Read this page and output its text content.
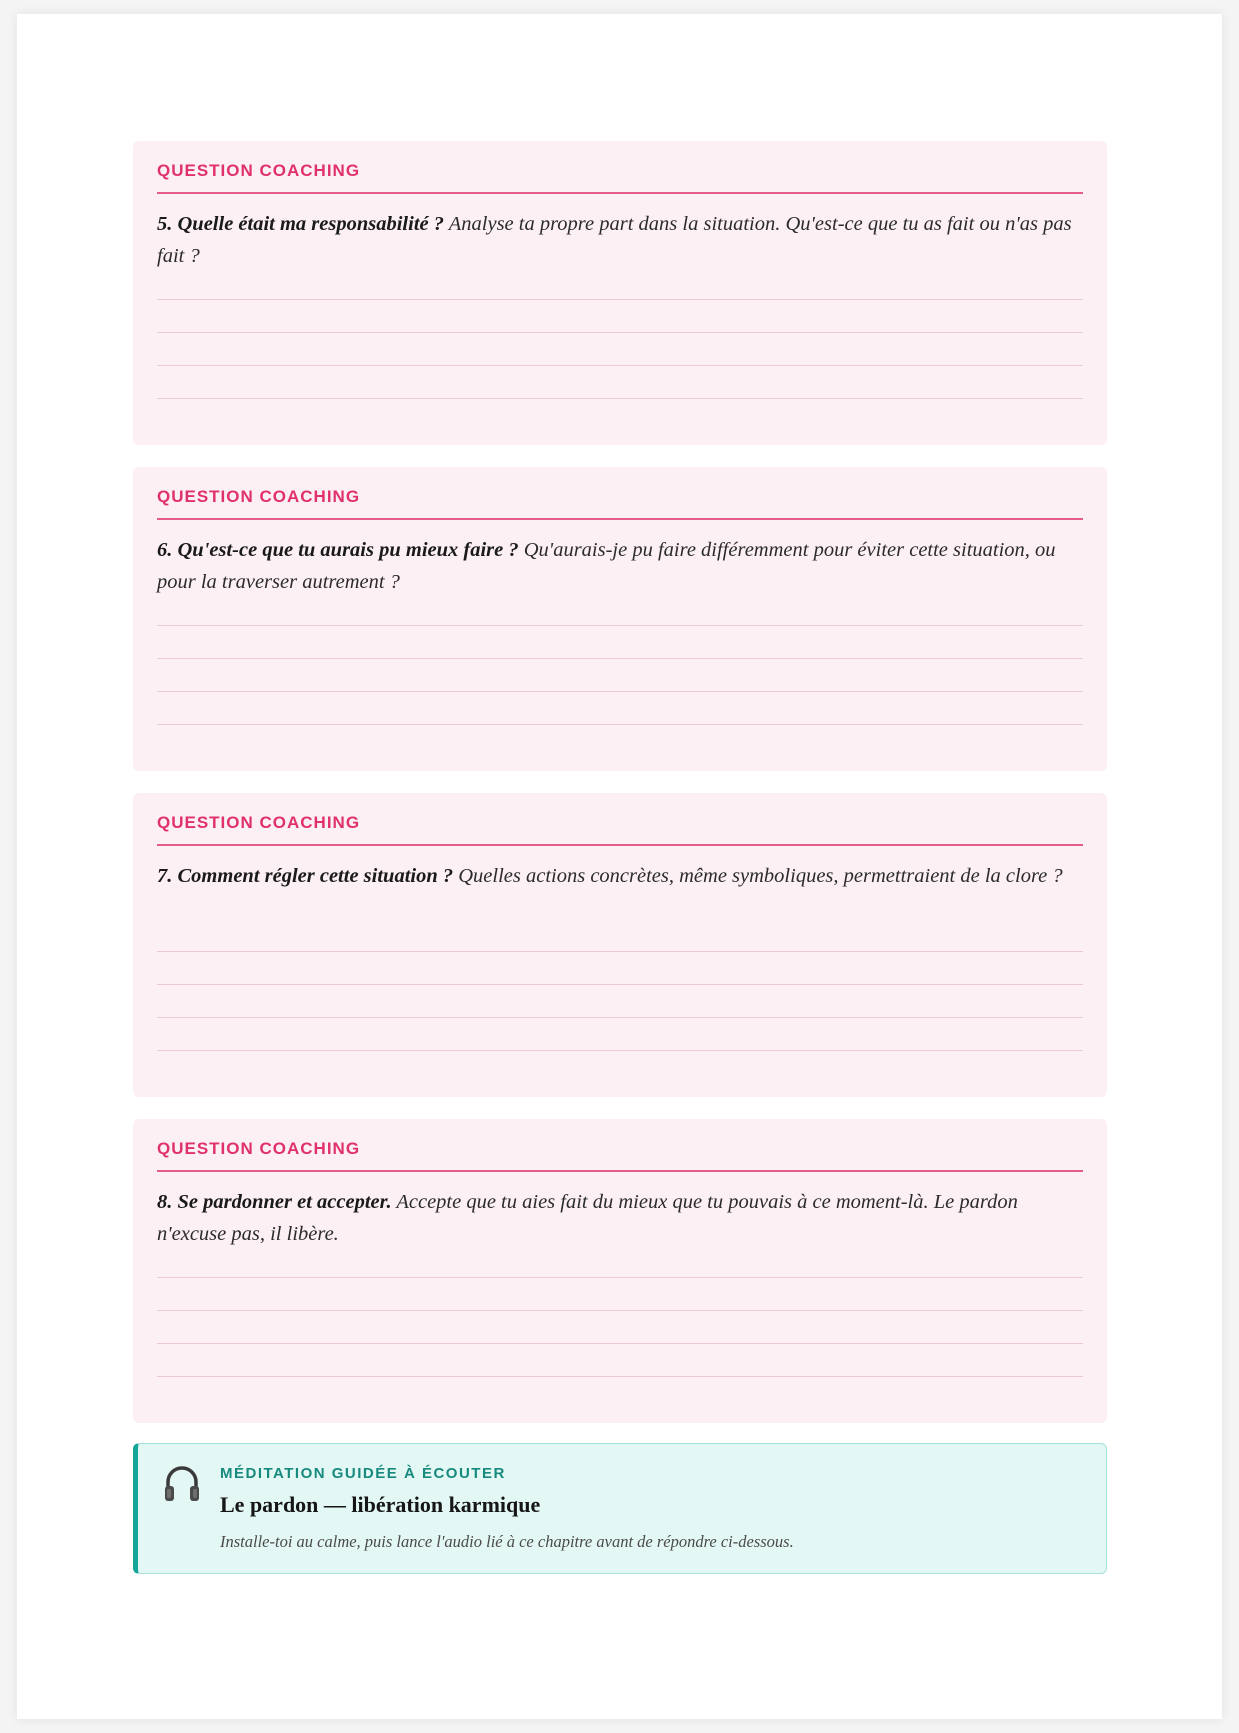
QUESTION COACHING
5. Quelle était ma responsabilité ? Analyse ta propre part dans la situation. Qu'est-ce que tu as fait ou n'as pas fait ?
QUESTION COACHING
6. Qu'est-ce que tu aurais pu mieux faire ? Qu'aurais-je pu faire différemment pour éviter cette situation, ou pour la traverser autrement ?
QUESTION COACHING
7. Comment régler cette situation ? Quelles actions concrètes, même symboliques, permettraient de la clore ?
QUESTION COACHING
8. Se pardonner et accepter. Accepte que tu aies fait du mieux que tu pouvais à ce moment-là. Le pardon n'excuse pas, il libère.
MÉDITATION GUIDÉE À ÉCOUTER
Le pardon — libération karmique
Installe-toi au calme, puis lance l'audio lié à ce chapitre avant de répondre ci-dessous.
